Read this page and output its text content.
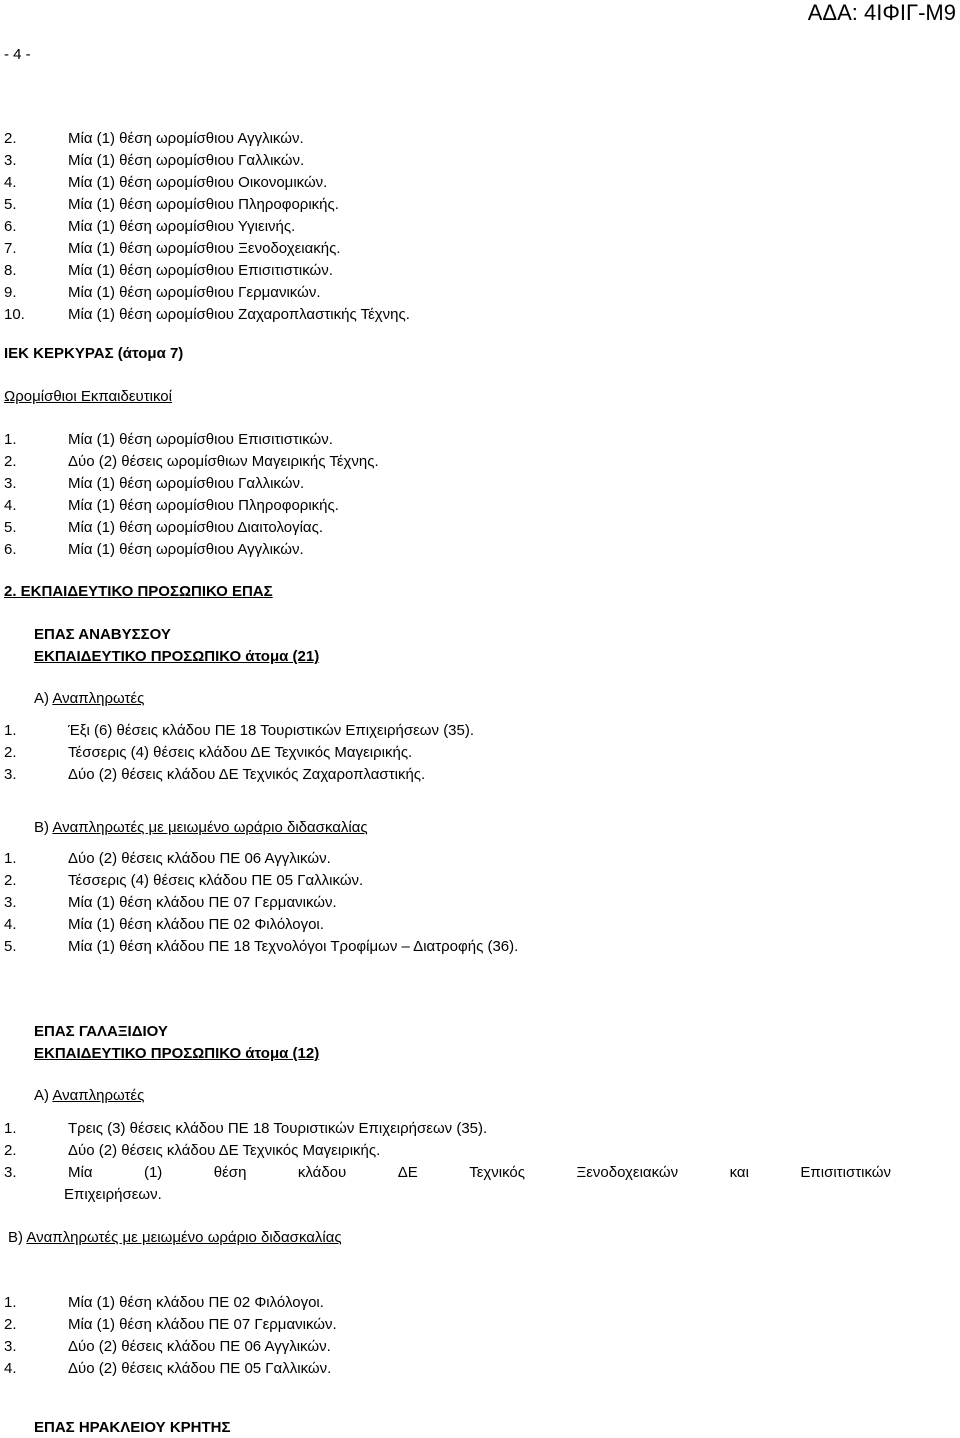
ΑΔΑ: 4ΙΦΙΓ-Μ9
- 4 -
2.	Μία (1) θέση ωρομίσθιου Αγγλικών.
3.	Μία (1) θέση ωρομίσθιου Γαλλικών.
4.	Μία (1) θέση ωρομίσθιου Οικονομικών.
5.	Μία (1) θέση ωρομίσθιου Πληροφορικής.
6.	Μία (1) θέση ωρομίσθιου Υγιεινής.
7.	Μία (1) θέση ωρομίσθιου Ξενοδοχειακής.
8.	Μία (1) θέση ωρομίσθιου Επισιτιστικών.
9.	Μία (1) θέση ωρομίσθιου Γερμανικών.
10.	Μία (1) θέση ωρομίσθιου Ζαχαροπλαστικής Τέχνης.
ΙΕΚ ΚΕΡΚΥΡΑΣ (άτομα 7)
Ωρομίσθιοι Εκπαιδευτικοί
1.	Μία (1) θέση ωρομίσθιου Επισιτιστικών.
2.	Δύο (2) θέσεις ωρομίσθιων Μαγειρικής Τέχνης.
3.	Μία (1) θέση ωρομίσθιου Γαλλικών.
4.	Μία (1) θέση ωρομίσθιου Πληροφορικής.
5.	Μία (1) θέση ωρομίσθιου Διαιτολογίας.
6.	Μία (1) θέση ωρομίσθιου Αγγλικών.
2. ΕΚΠΑΙΔΕΥΤΙΚΟ ΠΡΟΣΩΠΙΚΟ ΕΠΑΣ
ΕΠΑΣ ΑΝΑΒΥΣΣΟΥ
ΕΚΠΑΙΔΕΥΤΙΚΟ ΠΡΟΣΩΠΙΚΟ άτομα (21)
Α) Αναπληρωτές
1.	Έξι (6) θέσεις κλάδου ΠΕ 18 Τουριστικών Επιχειρήσεων (35).
2.	Τέσσερις (4) θέσεις κλάδου ΔΕ Τεχνικός Μαγειρικής.
3.	Δύο (2) θέσεις κλάδου ΔΕ Τεχνικός Ζαχαροπλαστικής.
Β) Αναπληρωτές με μειωμένο ωράριο διδασκαλίας
1.	Δύο (2) θέσεις κλάδου ΠΕ 06 Αγγλικών.
2.	Τέσσερις (4) θέσεις κλάδου ΠΕ 05 Γαλλικών.
3.	Μία (1) θέση κλάδου ΠΕ 07 Γερμανικών.
4.	Μία (1) θέση κλάδου ΠΕ 02 Φιλόλογοι.
5.	Μία (1) θέση κλάδου ΠΕ 18 Τεχνολόγοι Τροφίμων – Διατροφής (36).
ΕΠΑΣ ΓΑΛΑΞΙΔΙΟΥ
ΕΚΠΑΙΔΕΥΤΙΚΟ ΠΡΟΣΩΠΙΚΟ άτομα (12)
Α) Αναπληρωτές
1.	Τρεις (3) θέσεις κλάδου ΠΕ 18 Τουριστικών Επιχειρήσεων (35).
2.	Δύο (2) θέσεις κλάδου ΔΕ Τεχνικός Μαγειρικής.
3.	Μία	(1)	θέση	κλάδου	ΔΕ	Τεχνικός	Ξενοδοχειακών	και	Επισιτιστικών
Επιχειρήσεων.
Β) Αναπληρωτές με μειωμένο ωράριο διδασκαλίας
1.	Μία (1) θέση κλάδου ΠΕ 02 Φιλόλογοι.
2.	Μία (1) θέση κλάδου ΠΕ 07 Γερμανικών.
3.	Δύο (2) θέσεις κλάδου ΠΕ 06 Αγγλικών.
4.	Δύο (2) θέσεις κλάδου ΠΕ 05 Γαλλικών.
ΕΠΑΣ ΗΡΑΚΛΕΙΟΥ ΚΡΗΤΗΣ
